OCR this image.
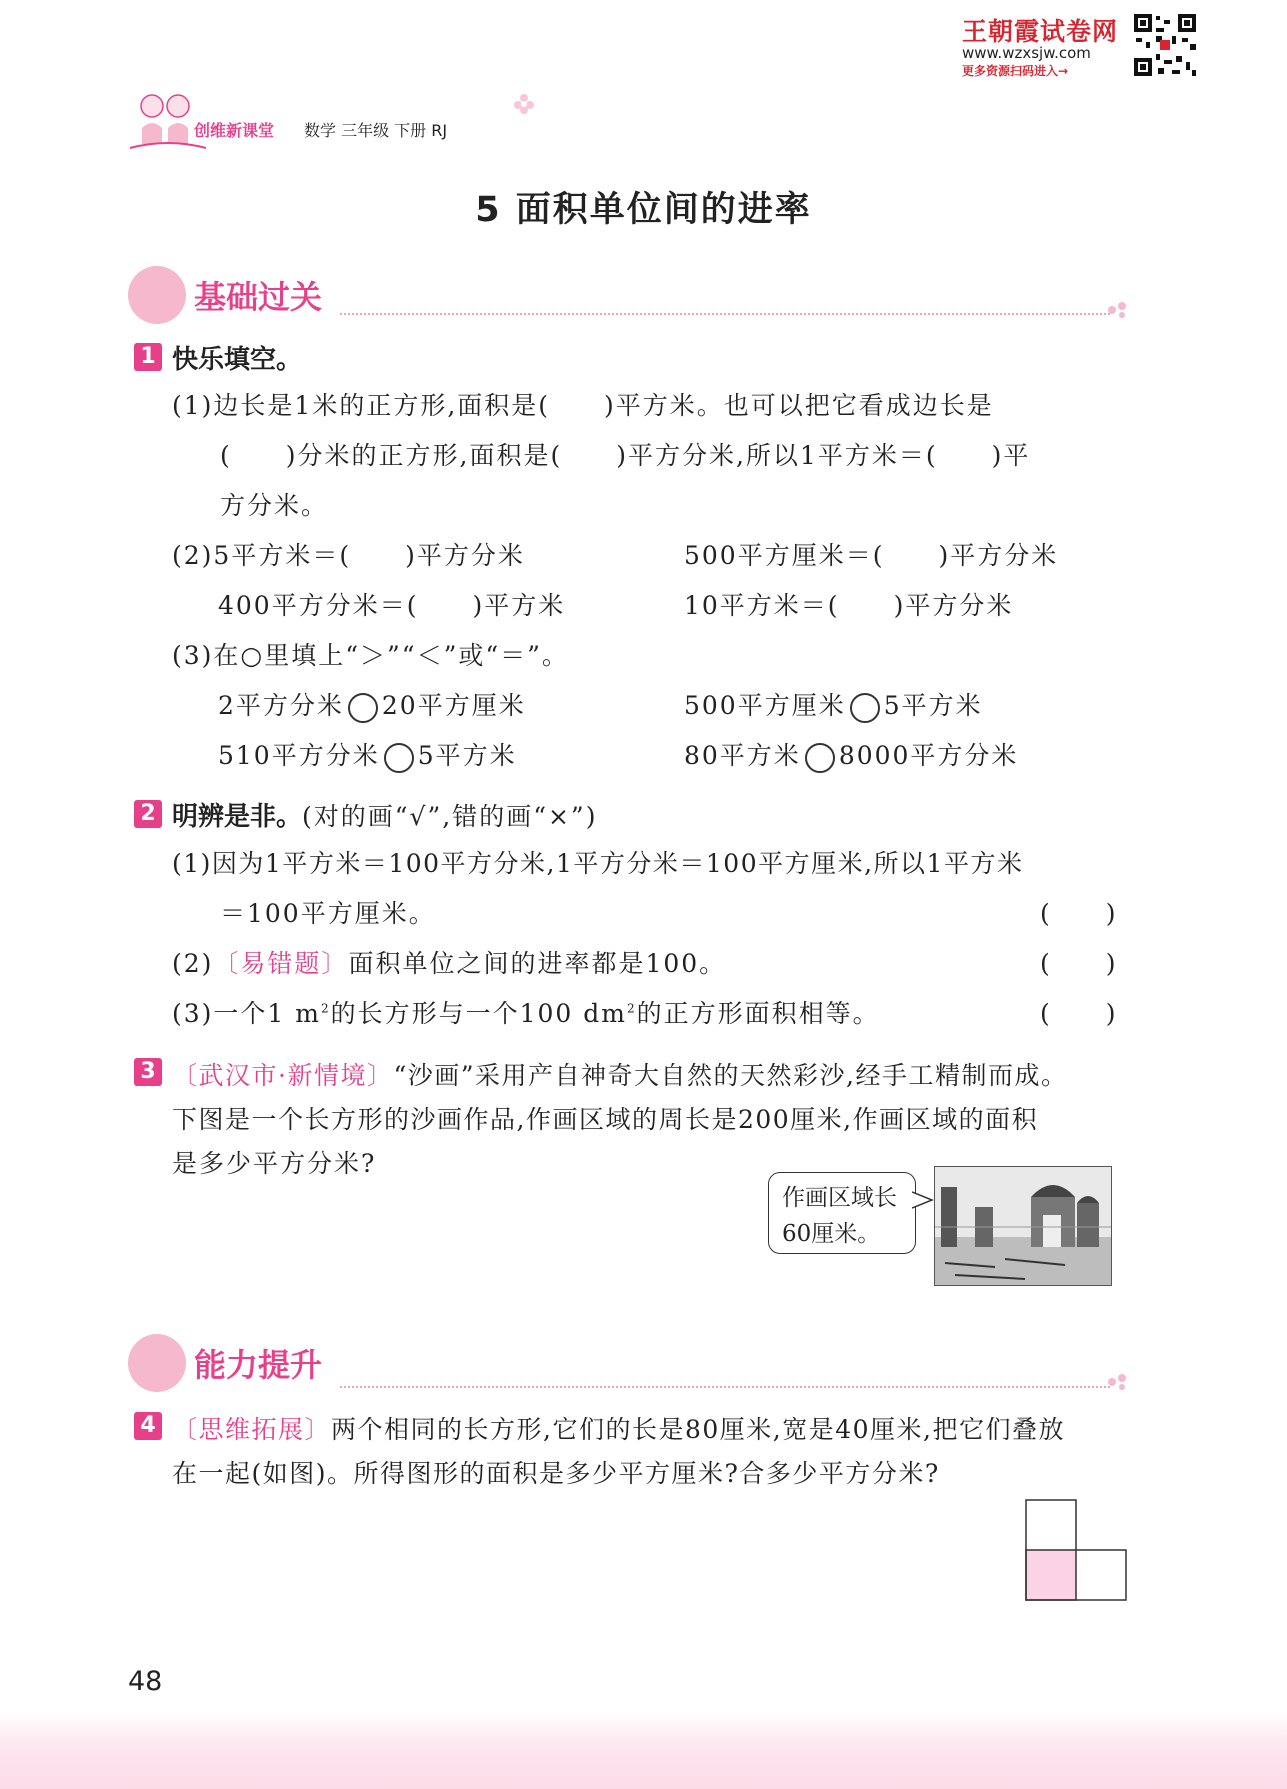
王朝霞试卷网
www.wzxsjw.com
更多资源扫码进入→
创维新课堂 数学 三年级 下册 RJ
5 面积单位间的进率
基础过关
1 快乐填空。
(1)边长是1米的正方形,面积是(　　)平方米。也可以把它看成边长是
(　　)分米的正方形,面积是(　　)平方分米,所以1平方米＝(　　)平
方分米。
(2)5平方米＝(　　)平方分米	500平方厘米＝(　　)平方分米
400平方分米＝(　　)平方米	10平方米＝(　　)平方分米
(3)在○里填上“＞”“＜”或“＝”。
2平方分米 20平方厘米	500平方厘米 5平方米
510平方分米 5平方米	80平方米 8000平方分米
2 明辨是非。(对的画“√”,错的画“×”)
(1)因为1平方米＝100平方分米,1平方分米＝100平方厘米,所以1平方米
＝100平方厘米。	(　　)
(2)〔易错题〕面积单位之间的进率都是100。	(　　)
(3)一个1 $m^2$的长方形与一个100 $dm^2$的正方形面积相等。	(　　)
3 〔武汉市·新情境〕“沙画”采用产自神奇大自然的天然彩沙,经手工精制而成。
下图是一个长方形的沙画作品,作画区域的周长是200厘米,作画区域的面积
是多少平方分米?
作画区域长
60厘米。
能力提升
4 〔思维拓展〕两个相同的长方形,它们的长是80厘米,宽是40厘米,把它们叠放
在一起(如图)。所得图形的面积是多少平方厘米?合多少平方分米?
48
